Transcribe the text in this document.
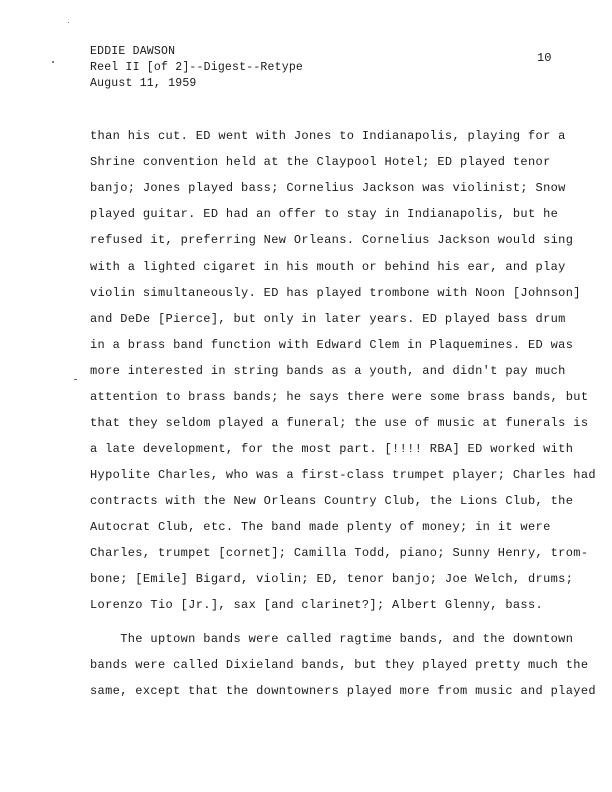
EDDIE DAWSON
Reel II [of 2]--Digest--Retype
August 11, 1959
10
than his cut. ED went with Jones to Indianapolis, playing for a
Shrine convention held at the Claypool Hotel; ED played tenor
banjo; Jones played bass; Cornelius Jackson was violinist; Snow
played guitar. ED had an offer to stay in Indianapolis, but he
refused it, preferring New Orleans. Cornelius Jackson would sing
with a lighted cigaret in his mouth or behind his ear, and play
violin simultaneously. ED has played trombone with Noon [Johnson]
and DeDe [Pierce], but only in later years. ED played bass drum
in a brass band function with Edward Clem in Plaquemines. ED was
more interested in string bands as a youth, and didn't pay much
attention to brass bands; he says there were some brass bands, but
that they seldom played a funeral; the use of music at funerals is
a late development, for the most part. [!!!! RBA] ED worked with
Hypolite Charles, who was a first-class trumpet player; Charles had
contracts with the New Orleans Country Club, the Lions Club, the
Autocrat Club, etc. The band made plenty of money; in it were
Charles, trumpet [cornet]; Camilla Todd, piano; Sunny Henry, trom-
bone; [Emile] Bigard, violin; ED, tenor banjo; Joe Welch, drums;
Lorenzo Tio [Jr.], sax [and clarinet?]; Albert Glenny, bass.
The uptown bands were called ragtime bands, and the downtown
bands were called Dixieland bands, but they played pretty much the
same, except that the downtowners played more from music and played
